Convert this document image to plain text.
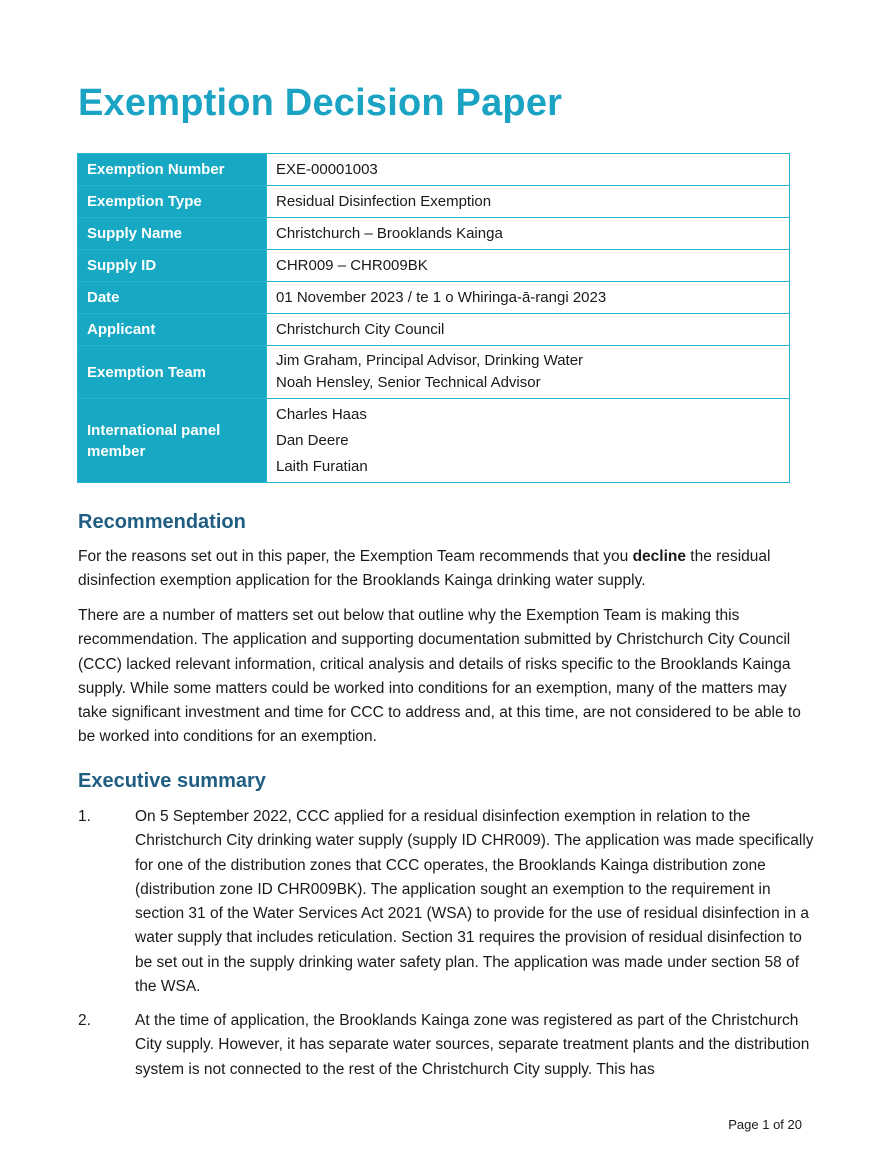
Exemption Decision Paper
Exemption Number	EXE-00001003
Exemption Type	Residual Disinfection Exemption
Supply Name	Christchurch – Brooklands Kainga
Supply ID	CHR009 – CHR009BK
Date	01 November 2023 / te 1 o Whiringa-ā-rangi 2023
Applicant	Christchurch City Council
Exemption Team	Jim Graham, Principal Advisor, Drinking Water
Noah Hensley, Senior Technical Advisor

International panel member	Charles Haas
Dan Deere
Laith Furatian
Recommendation

For the reasons set out in this paper, the Exemption Team recommends that you decline the residual disinfection exemption application for the Brooklands Kainga drinking water supply.

There are a number of matters set out below that outline why the Exemption Team is making this recommendation. The application and supporting documentation submitted by Christchurch City Council (CCC) lacked relevant information, critical analysis and details of risks specific to the Brooklands Kainga supply. While some matters could be worked into conditions for an exemption, many of the matters may take significant investment and time for CCC to address and, at this time, are not considered to be able to be worked into conditions for an exemption.

Executive summary
1.	On 5 September 2022, CCC applied for a residual disinfection exemption in relation to the Christchurch City drinking water supply (supply ID CHR009). The application was made specifically for one of the distribution zones that CCC operates, the Brooklands Kainga distribution zone (distribution zone ID CHR009BK). The application sought an exemption to the requirement in section 31 of the Water Services Act 2021 (WSA) to provide for the use of residual disinfection in a water supply that includes reticulation. Section 31 requires the provision of residual disinfection to be set out in the supply drinking water safety plan. The application was made under section 58 of the WSA.
2.	At the time of application, the Brooklands Kainga zone was registered as part of the Christchurch City supply. However, it has separate water sources, separate treatment plants and the distribution system is not connected to the rest of the Christchurch City supply. This has
Page 1 of 20
